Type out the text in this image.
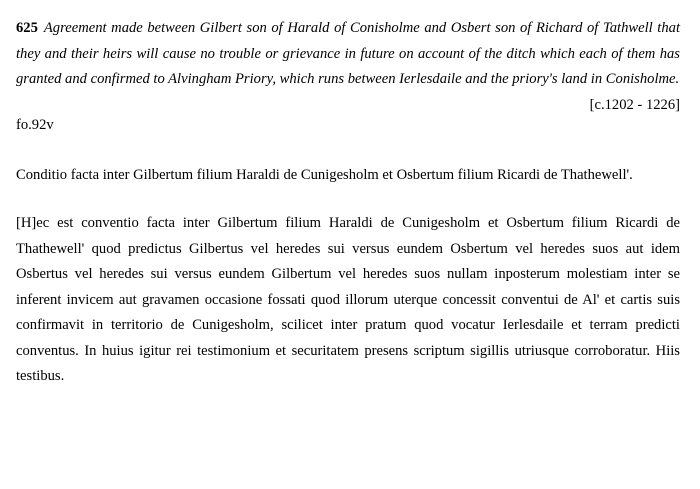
625 Agreement made between Gilbert son of Harald of Conisholme and Osbert son of Richard of Tathwell that they and their heirs will cause no trouble or grievance in future on account of the ditch which each of them has granted and confirmed to Alvingham Priory, which runs between Ierlesdaile and the priory's land in Conisholme.

[c.1202 - 1226]

fo.92v

Conditio facta inter Gilbertum filium Haraldi de Cunigesholm et Osbertum filium Ricardi de Thathewell'.

[H]ec est conventio facta inter Gilbertum filium Haraldi de Cunigesholm et Osbertum filium Ricardi de Thathewell' quod predictus Gilbertus vel heredes sui versus eundem Osbertum vel heredes suos aut idem Osbertus vel heredes sui versus eundem Gilbertum vel heredes suos nullam inposterum molestiam inter se inferent invicem aut gravamen occasione fossati quod illorum uterque concessit conventui de Al' et cartis suis confirmavit in territorio de Cunigesholm, scilicet inter pratum quod vocatur Ierlesdaile et terram predicti conventus. In huius igitur rei testimonium et securitatem presens scriptum sigillis utriusque corroboratur. Hiis testibus.
